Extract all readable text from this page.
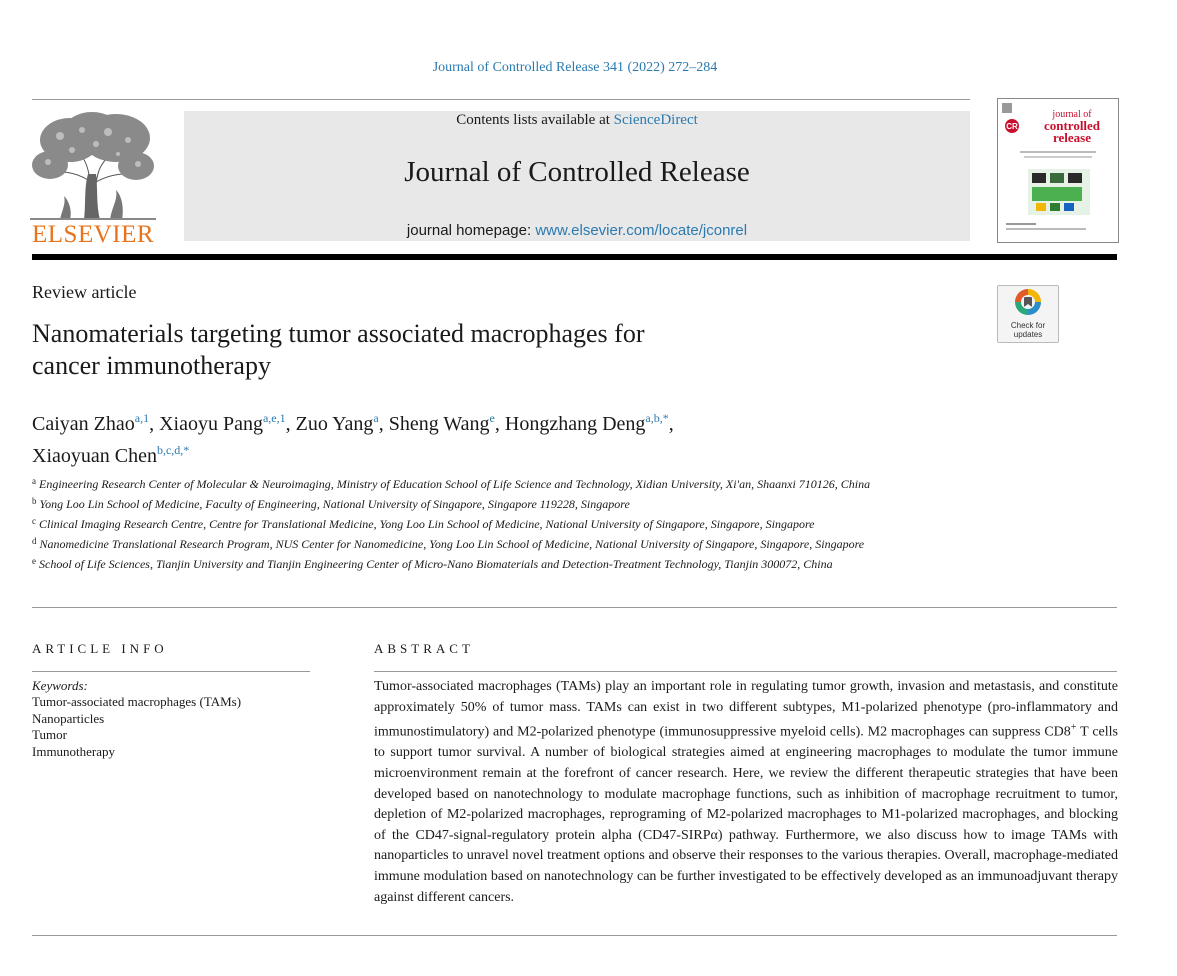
Journal of Controlled Release 341 (2022) 272–284
ELSEVIER
Contents lists available at ScienceDirect
Journal of Controlled Release
journal homepage: www.elsevier.com/locate/jconrel
CR
journal of
controlled
release
Review article
Check for
updates
Nanomaterials targeting tumor associated macrophages for
cancer immunotherapy
Caiyan Zhao$^{a,1}$, Xiaoyu Pang$^{a,e,1}$, Zuo Yang$^a$, Sheng Wang$^e$, Hongzhang Deng$^{a,b,*}$,
Xiaoyuan Chen$^{b,c,d,*}$

$^a$ Engineering Research Center of Molecular & Neuroimaging, Ministry of Education School of Life Science and Technology, Xidian University, Xi'an, Shaanxi 710126, China

$^b$ Yong Loo Lin School of Medicine, Faculty of Engineering, National University of Singapore, Singapore 119228, Singapore

$^c$ Clinical Imaging Research Centre, Centre for Translational Medicine, Yong Loo Lin School of Medicine, National University of Singapore, Singapore, Singapore

$^d$ Nanomedicine Translational Research Program, NUS Center for Nanomedicine, Yong Loo Lin School of Medicine, National University of Singapore, Singapore, Singapore

$^e$ School of Life Sciences, Tianjin University and Tianjin Engineering Center of Micro-Nano Biomaterials and Detection-Treatment Technology, Tianjin 300072, China

ARTICLE INFO
Keywords:
Tumor-associated macrophages (TAMs)
Nanoparticles
Tumor
Immunotherapy
ABSTRACT
Tumor-associated macrophages (TAMs) play an important role in regulating tumor growth, invasion and metastasis, and constitute approximately 50% of tumor mass. TAMs can exist in two different subtypes, M1-polarized phenotype (pro-inflammatory and immunostimulatory) and M2-polarized phenotype (immunosuppressive myeloid cells). M2 macrophages can suppress CD8+ T cells to support tumor survival. A number of biological strategies aimed at engineering macrophages to modulate the tumor immune microenvironment remain at the forefront of cancer research. Here, we review the different therapeutic strategies that have been developed based on nanotechnology to modulate macrophage functions, such as inhibition of macrophage recruitment to tumor, depletion of M2-polarized macrophages, reprograming of M2-polarized macrophages to M1-polarized macrophages, and blocking of the CD47-signal-regulatory protein alpha (CD47-SIRPα) pathway. Furthermore, we also discuss how to image TAMs with nanoparticles to unravel novel treatment options and observe their responses to the various therapies. Overall, macrophage-mediated immune modulation based on nanotechnology can be further investigated to be effectively developed as an immunoadjuvant therapy against different cancers.
